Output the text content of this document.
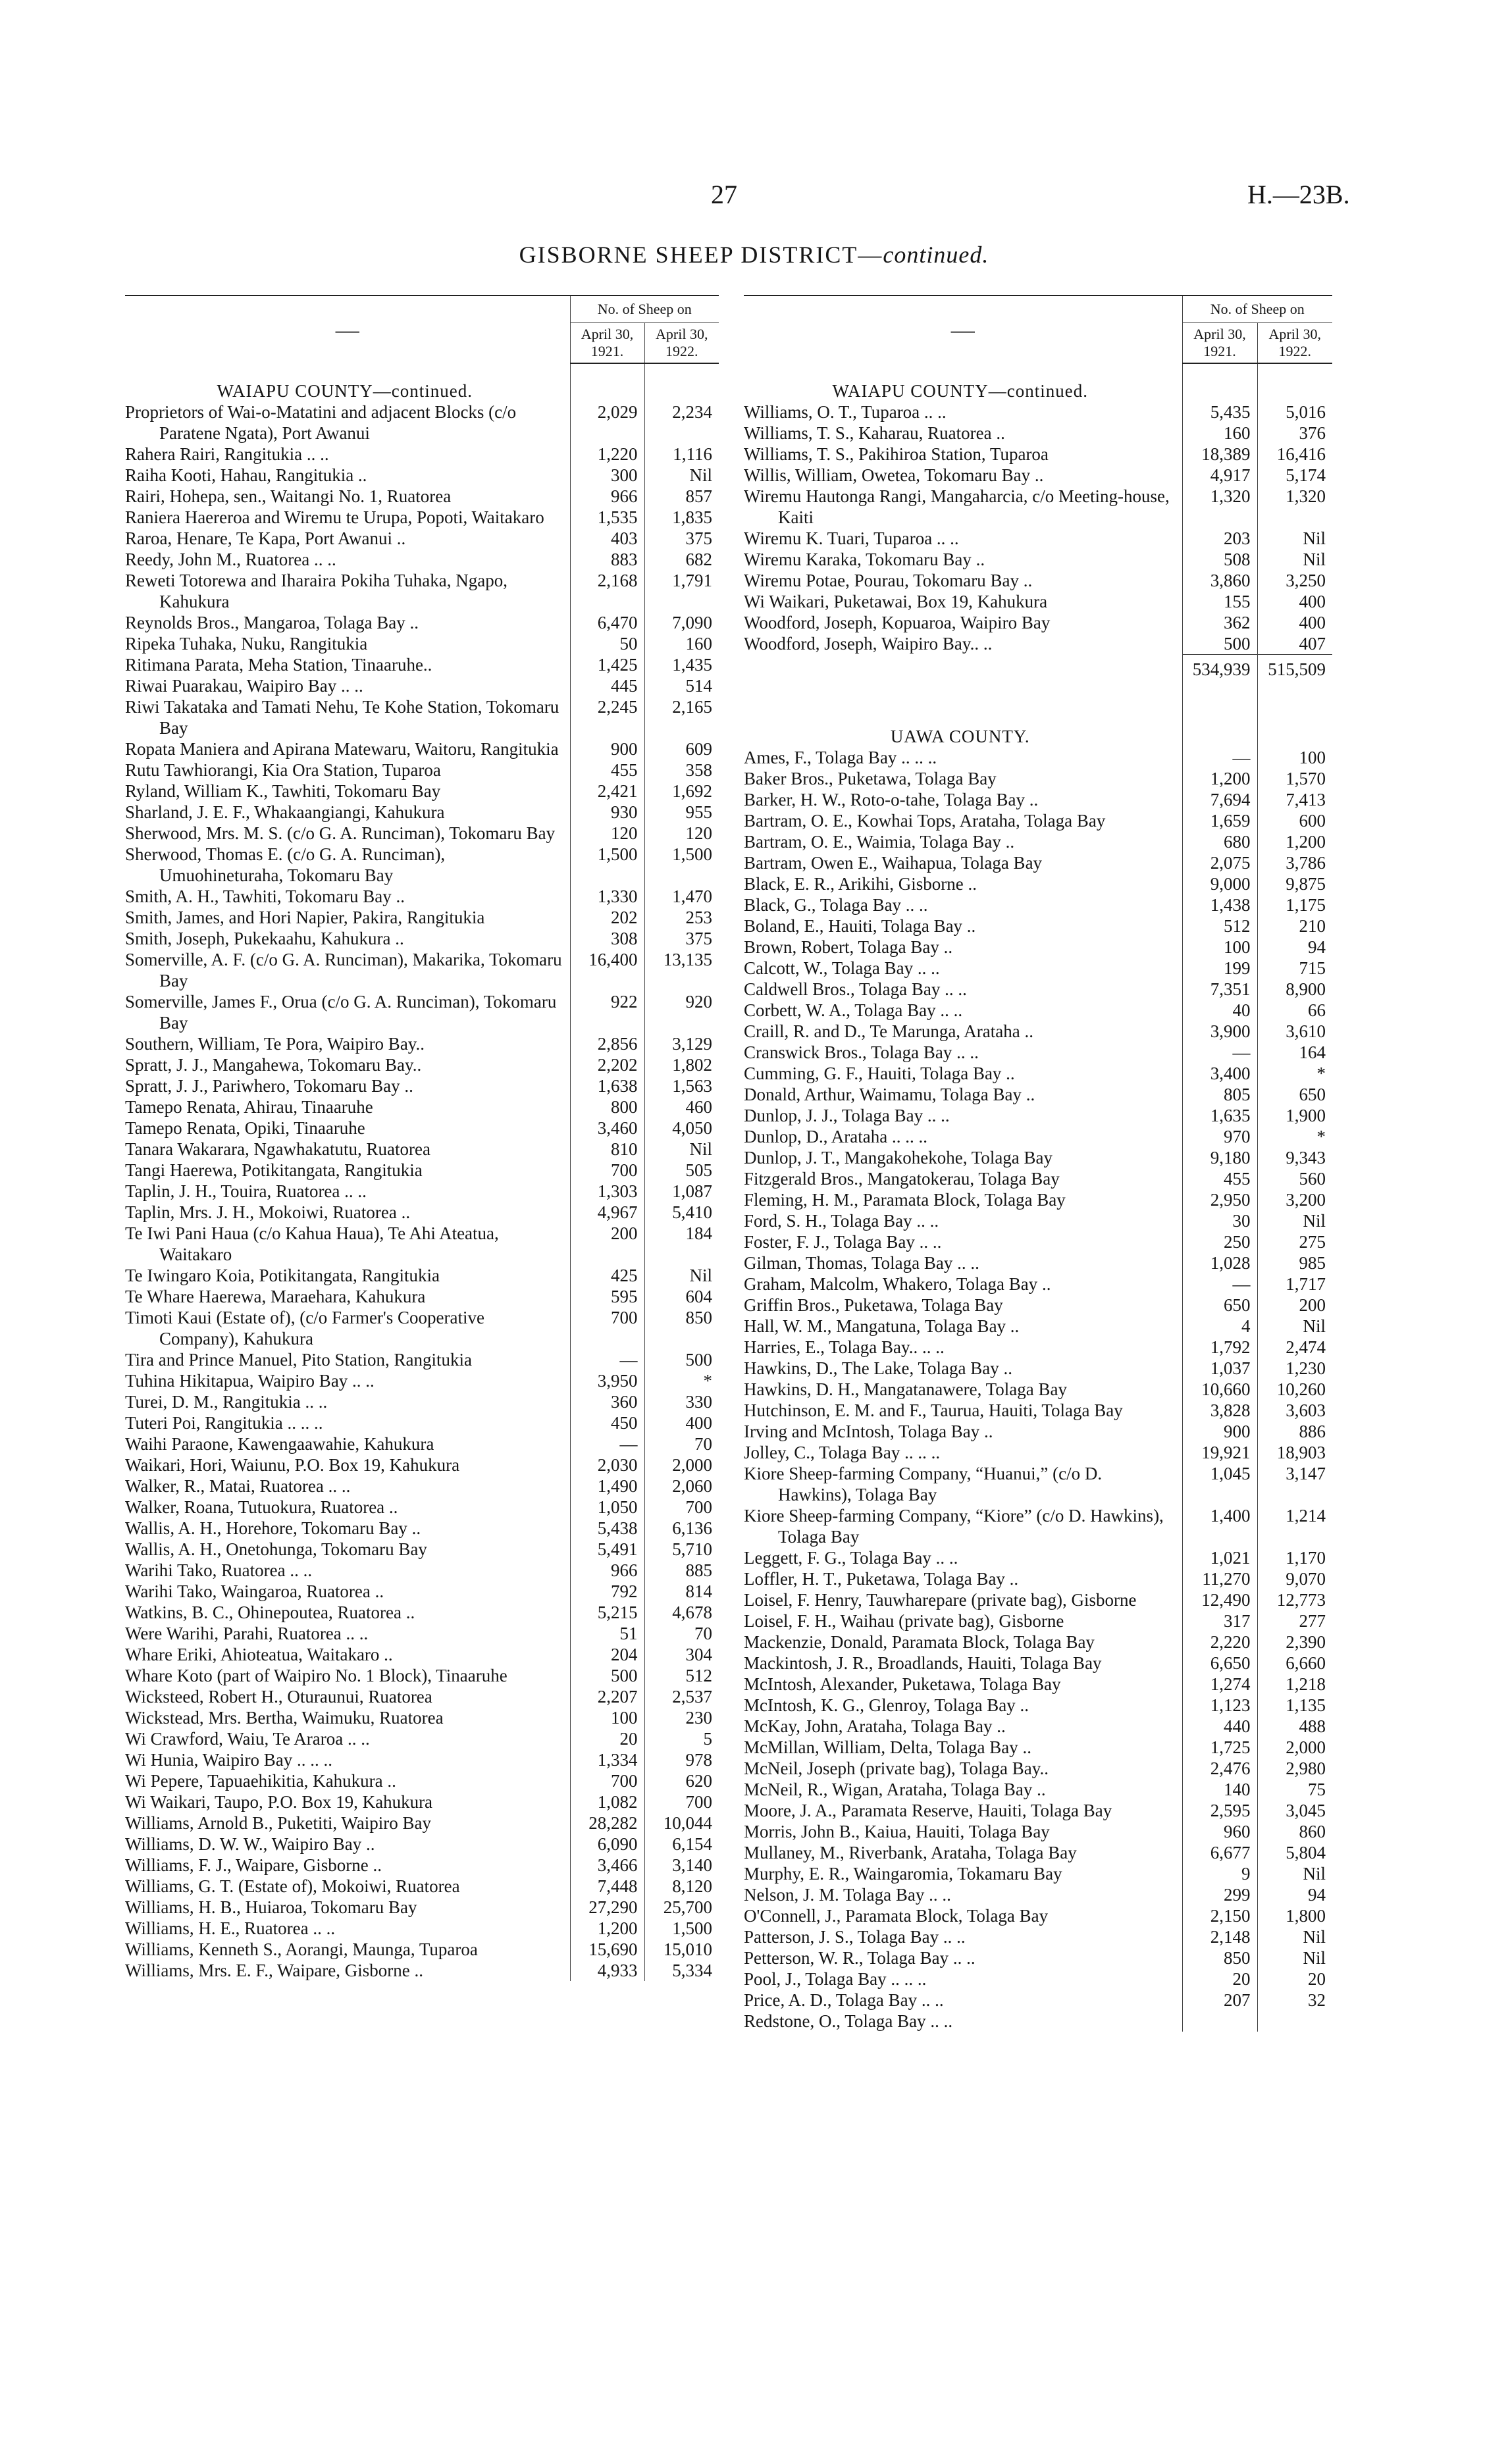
27	H.—23B.
GISBORNE SHEEP DISTRICT—continued.
—	No. of Sheep on	
	April 30, 1921.	April 30, 1922.
WAIAPU COUNTY—continued.		
Proprietors of Wai-o-Matatini and adjacent Blocks (c/o Paratene Ngata), Port Awanui	2,029	2,234
Rahera Rairi, Rangitukia .. ..	1,220	1,116
Raiha Kooti, Hahau, Rangitukia ..	300	Nil
Rairi, Hohepa, sen., Waitangi No. 1, Ruatorea	966	857
Raniera Haereroa and Wiremu te Urupa, Popoti, Waitakaro	1,535	1,835
Raroa, Henare, Te Kapa, Port Awanui ..	403	375
Reedy, John M., Ruatorea .. ..	883	682
Reweti Totorewa and Iharaira Pokiha Tuhaka, Ngapo, Kahukura	2,168	1,791
Reynolds Bros., Mangaroa, Tolaga Bay ..	6,470	7,090
Ripeka Tuhaka, Nuku, Rangitukia	50	160
Ritimana Parata, Meha Station, Tinaaruhe..	1,425	1,435
Riwai Puarakau, Waipiro Bay .. ..	445	514
Riwi Takataka and Tamati Nehu, Te Kohe Station, Tokomaru Bay	2,245	2,165
Ropata Maniera and Apirana Matewaru, Waitoru, Rangitukia	900	609
Rutu Tawhiorangi, Kia Ora Station, Tuparoa	455	358
Ryland, William K., Tawhiti, Tokomaru Bay	2,421	1,692
Sharland, J. E. F., Whakaangiangi, Kahukura	930	955
Sherwood, Mrs. M. S. (c/o G. A. Runciman), Tokomaru Bay	120	120
Sherwood, Thomas E. (c/o G. A. Runciman), Umuohineturaha, Tokomaru Bay	1,500	1,500
Smith, A. H., Tawhiti, Tokomaru Bay ..	1,330	1,470
Smith, James, and Hori Napier, Pakira, Rangitukia	202	253
Smith, Joseph, Pukekaahu, Kahukura ..	308	375
Somerville, A. F. (c/o G. A. Runciman), Makarika, Tokomaru Bay	16,400	13,135
Somerville, James F., Orua (c/o G. A. Runciman), Tokomaru Bay	922	920
Southern, William, Te Pora, Waipiro Bay..	2,856	3,129
Spratt, J. J., Mangahewa, Tokomaru Bay..	2,202	1,802
Spratt, J. J., Pariwhero, Tokomaru Bay ..	1,638	1,563
Tamepo Renata, Ahirau, Tinaaruhe	800	460
Tamepo Renata, Opiki, Tinaaruhe	3,460	4,050
Tanara Wakarara, Ngawhakatutu, Ruatorea	810	Nil
Tangi Haerewa, Potikitangata, Rangitukia	700	505
Taplin, J. H., Touira, Ruatorea .. ..	1,303	1,087
Taplin, Mrs. J. H., Mokoiwi, Ruatorea ..	4,967	5,410
Te Iwi Pani Haua (c/o Kahua Haua), Te Ahi Ateatua, Waitakaro	200	184
Te Iwingaro Koia, Potikitangata, Rangitukia	425	Nil
Te Whare Haerewa, Maraehara, Kahukura	595	604
Timoti Kaui (Estate of), (c/o Farmer's Cooperative Company), Kahukura	700	850
Tira and Prince Manuel, Pito Station, Rangitukia	—	500
Tuhina Hikitapua, Waipiro Bay .. ..	3,950	*
Turei, D. M., Rangitukia .. ..	360	330
Tuteri Poi, Rangitukia .. .. ..	450	400
Waihi Paraone, Kawengaawahie, Kahukura	—	70
Waikari, Hori, Waiunu, P.O. Box 19, Kahukura	2,030	2,000
Walker, R., Matai, Ruatorea .. ..	1,490	2,060
Walker, Roana, Tutuokura, Ruatorea ..	1,050	700
Wallis, A. H., Horehore, Tokomaru Bay ..	5,438	6,136
Wallis, A. H., Onetohunga, Tokomaru Bay	5,491	5,710
Warihi Tako, Ruatorea .. ..	966	885
Warihi Tako, Waingaroa, Ruatorea ..	792	814
Watkins, B. C., Ohinepoutea, Ruatorea ..	5,215	4,678
Were Warihi, Parahi, Ruatorea .. ..	51	70
Whare Eriki, Ahioteatua, Waitakaro ..	204	304
Whare Koto (part of Waipiro No. 1 Block), Tinaaruhe	500	512
Wicksteed, Robert H., Oturaunui, Ruatorea	2,207	2,537
Wickstead, Mrs. Bertha, Waimuku, Ruatorea	100	230
Wi Crawford, Waiu, Te Araroa .. ..	20	5
Wi Hunia, Waipiro Bay .. .. ..	1,334	978
Wi Pepere, Tapuaehikitia, Kahukura ..	700	620
Wi Waikari, Taupo, P.O. Box 19, Kahukura	1,082	700
Williams, Arnold B., Puketiti, Waipiro Bay	28,282	10,044
Williams, D. W. W., Waipiro Bay ..	6,090	6,154
Williams, F. J., Waipare, Gisborne ..	3,466	3,140
Williams, G. T. (Estate of), Mokoiwi, Ruatorea	7,448	8,120
Williams, H. B., Huiaroa, Tokomaru Bay	27,290	25,700
Williams, H. E., Ruatorea .. ..	1,200	1,500
Williams, Kenneth S., Aorangi, Maunga, Tuparoa	15,690	15,010
Williams, Mrs. E. F., Waipare, Gisborne ..	4,933	5,334
—	No. of Sheep on	
	April 30, 1921.	April 30, 1922.
WAIAPU COUNTY—continued.		
Williams, O. T., Tuparoa .. ..	5,435	5,016
Williams, T. S., Kaharau, Ruatorea ..	160	376
Williams, T. S., Pakihiroa Station, Tuparoa	18,389	16,416
Willis, William, Owetea, Tokomaru Bay ..	4,917	5,174
Wiremu Hautonga Rangi, Mangaharcia, c/o Meeting-house, Kaiti	1,320	1,320
Wiremu K. Tuari, Tuparoa .. ..	203	Nil
Wiremu Karaka, Tokomaru Bay ..	508	Nil
Wiremu Potae, Pourau, Tokomaru Bay ..	3,860	3,250
Wi Waikari, Puketawai, Box 19, Kahukura	155	400
Woodford, Joseph, Kopuaroa, Waipiro Bay	362	400
Woodford, Joseph, Waipiro Bay.. ..	500	407
	534,939	515,509

UAWA COUNTY.		
Ames, F., Tolaga Bay .. .. ..	—	100
Baker Bros., Puketawa, Tolaga Bay	1,200	1,570
Barker, H. W., Roto-o-tahe, Tolaga Bay ..	7,694	7,413
Bartram, O. E., Kowhai Tops, Arataha, Tolaga Bay	1,659	600
Bartram, O. E., Waimia, Tolaga Bay ..	680	1,200
Bartram, Owen E., Waihapua, Tolaga Bay	2,075	3,786
Black, E. R., Arikihi, Gisborne ..	9,000	9,875
Black, G., Tolaga Bay .. ..	1,438	1,175
Boland, E., Hauiti, Tolaga Bay ..	512	210
Brown, Robert, Tolaga Bay ..	100	94
Calcott, W., Tolaga Bay .. ..	199	715
Caldwell Bros., Tolaga Bay .. ..	7,351	8,900
Corbett, W. A., Tolaga Bay .. ..	40	66
Craill, R. and D., Te Marunga, Arataha ..	3,900	3,610
Cranswick Bros., Tolaga Bay .. ..	—	164
Cumming, G. F., Hauiti, Tolaga Bay ..	3,400	*
Donald, Arthur, Waimamu, Tolaga Bay ..	805	650
Dunlop, J. J., Tolaga Bay .. ..	1,635	1,900
Dunlop, D., Arataha .. .. ..	970	*
Dunlop, J. T., Mangakohekohe, Tolaga Bay	9,180	9,343
Fitzgerald Bros., Mangatokerau, Tolaga Bay	455	560
Fleming, H. M., Paramata Block, Tolaga Bay	2,950	3,200
Ford, S. H., Tolaga Bay .. ..	30	Nil
Foster, F. J., Tolaga Bay .. ..	250	275
Gilman, Thomas, Tolaga Bay .. ..	1,028	985
Graham, Malcolm, Whakero, Tolaga Bay ..	—	1,717
Griffin Bros., Puketawa, Tolaga Bay	650	200
Hall, W. M., Mangatuna, Tolaga Bay ..	4	Nil
Harries, E., Tolaga Bay.. .. ..	1,792	2,474
Hawkins, D., The Lake, Tolaga Bay ..	1,037	1,230
Hawkins, D. H., Mangatanawere, Tolaga Bay	10,660	10,260
Hutchinson, E. M. and F., Taurua, Hauiti, Tolaga Bay	3,828	3,603
Irving and McIntosh, Tolaga Bay ..	900	886
Jolley, C., Tolaga Bay .. .. ..	19,921	18,903
Kiore Sheep-farming Company, “Huanui,” (c/o D. Hawkins), Tolaga Bay	1,045	3,147
Kiore Sheep-farming Company, “Kiore” (c/o D. Hawkins), Tolaga Bay	1,400	1,214
Leggett, F. G., Tolaga Bay .. ..	1,021	1,170
Loffler, H. T., Puketawa, Tolaga Bay ..	11,270	9,070
Loisel, F. Henry, Tauwharepare (private bag), Gisborne	12,490	12,773
Loisel, F. H., Waihau (private bag), Gisborne	317	277
Mackenzie, Donald, Paramata Block, Tolaga Bay	2,220	2,390
Mackintosh, J. R., Broadlands, Hauiti, Tolaga Bay	6,650	6,660
McIntosh, Alexander, Puketawa, Tolaga Bay	1,274	1,218
McIntosh, K. G., Glenroy, Tolaga Bay ..	1,123	1,135
McKay, John, Arataha, Tolaga Bay ..	440	488
McMillan, William, Delta, Tolaga Bay ..	1,725	2,000
McNeil, Joseph (private bag), Tolaga Bay..	2,476	2,980
McNeil, R., Wigan, Arataha, Tolaga Bay ..	140	75
Moore, J. A., Paramata Reserve, Hauiti, Tolaga Bay	2,595	3,045
Morris, John B., Kaiua, Hauiti, Tolaga Bay	960	860
Mullaney, M., Riverbank, Arataha, Tolaga Bay	6,677	5,804
Murphy, E. R., Waingaromia, Tokamaru Bay	9	Nil
Nelson, J. M. Tolaga Bay .. ..	299	94
O'Connell, J., Paramata Block, Tolaga Bay	2,150	1,800
Patterson, J. S., Tolaga Bay .. ..	2,148	Nil
Petterson, W. R., Tolaga Bay .. ..	850	Nil
Pool, J., Tolaga Bay .. .. ..	20	20
Price, A. D., Tolaga Bay .. ..	207	32
Redstone, O., Tolaga Bay .. ..		
